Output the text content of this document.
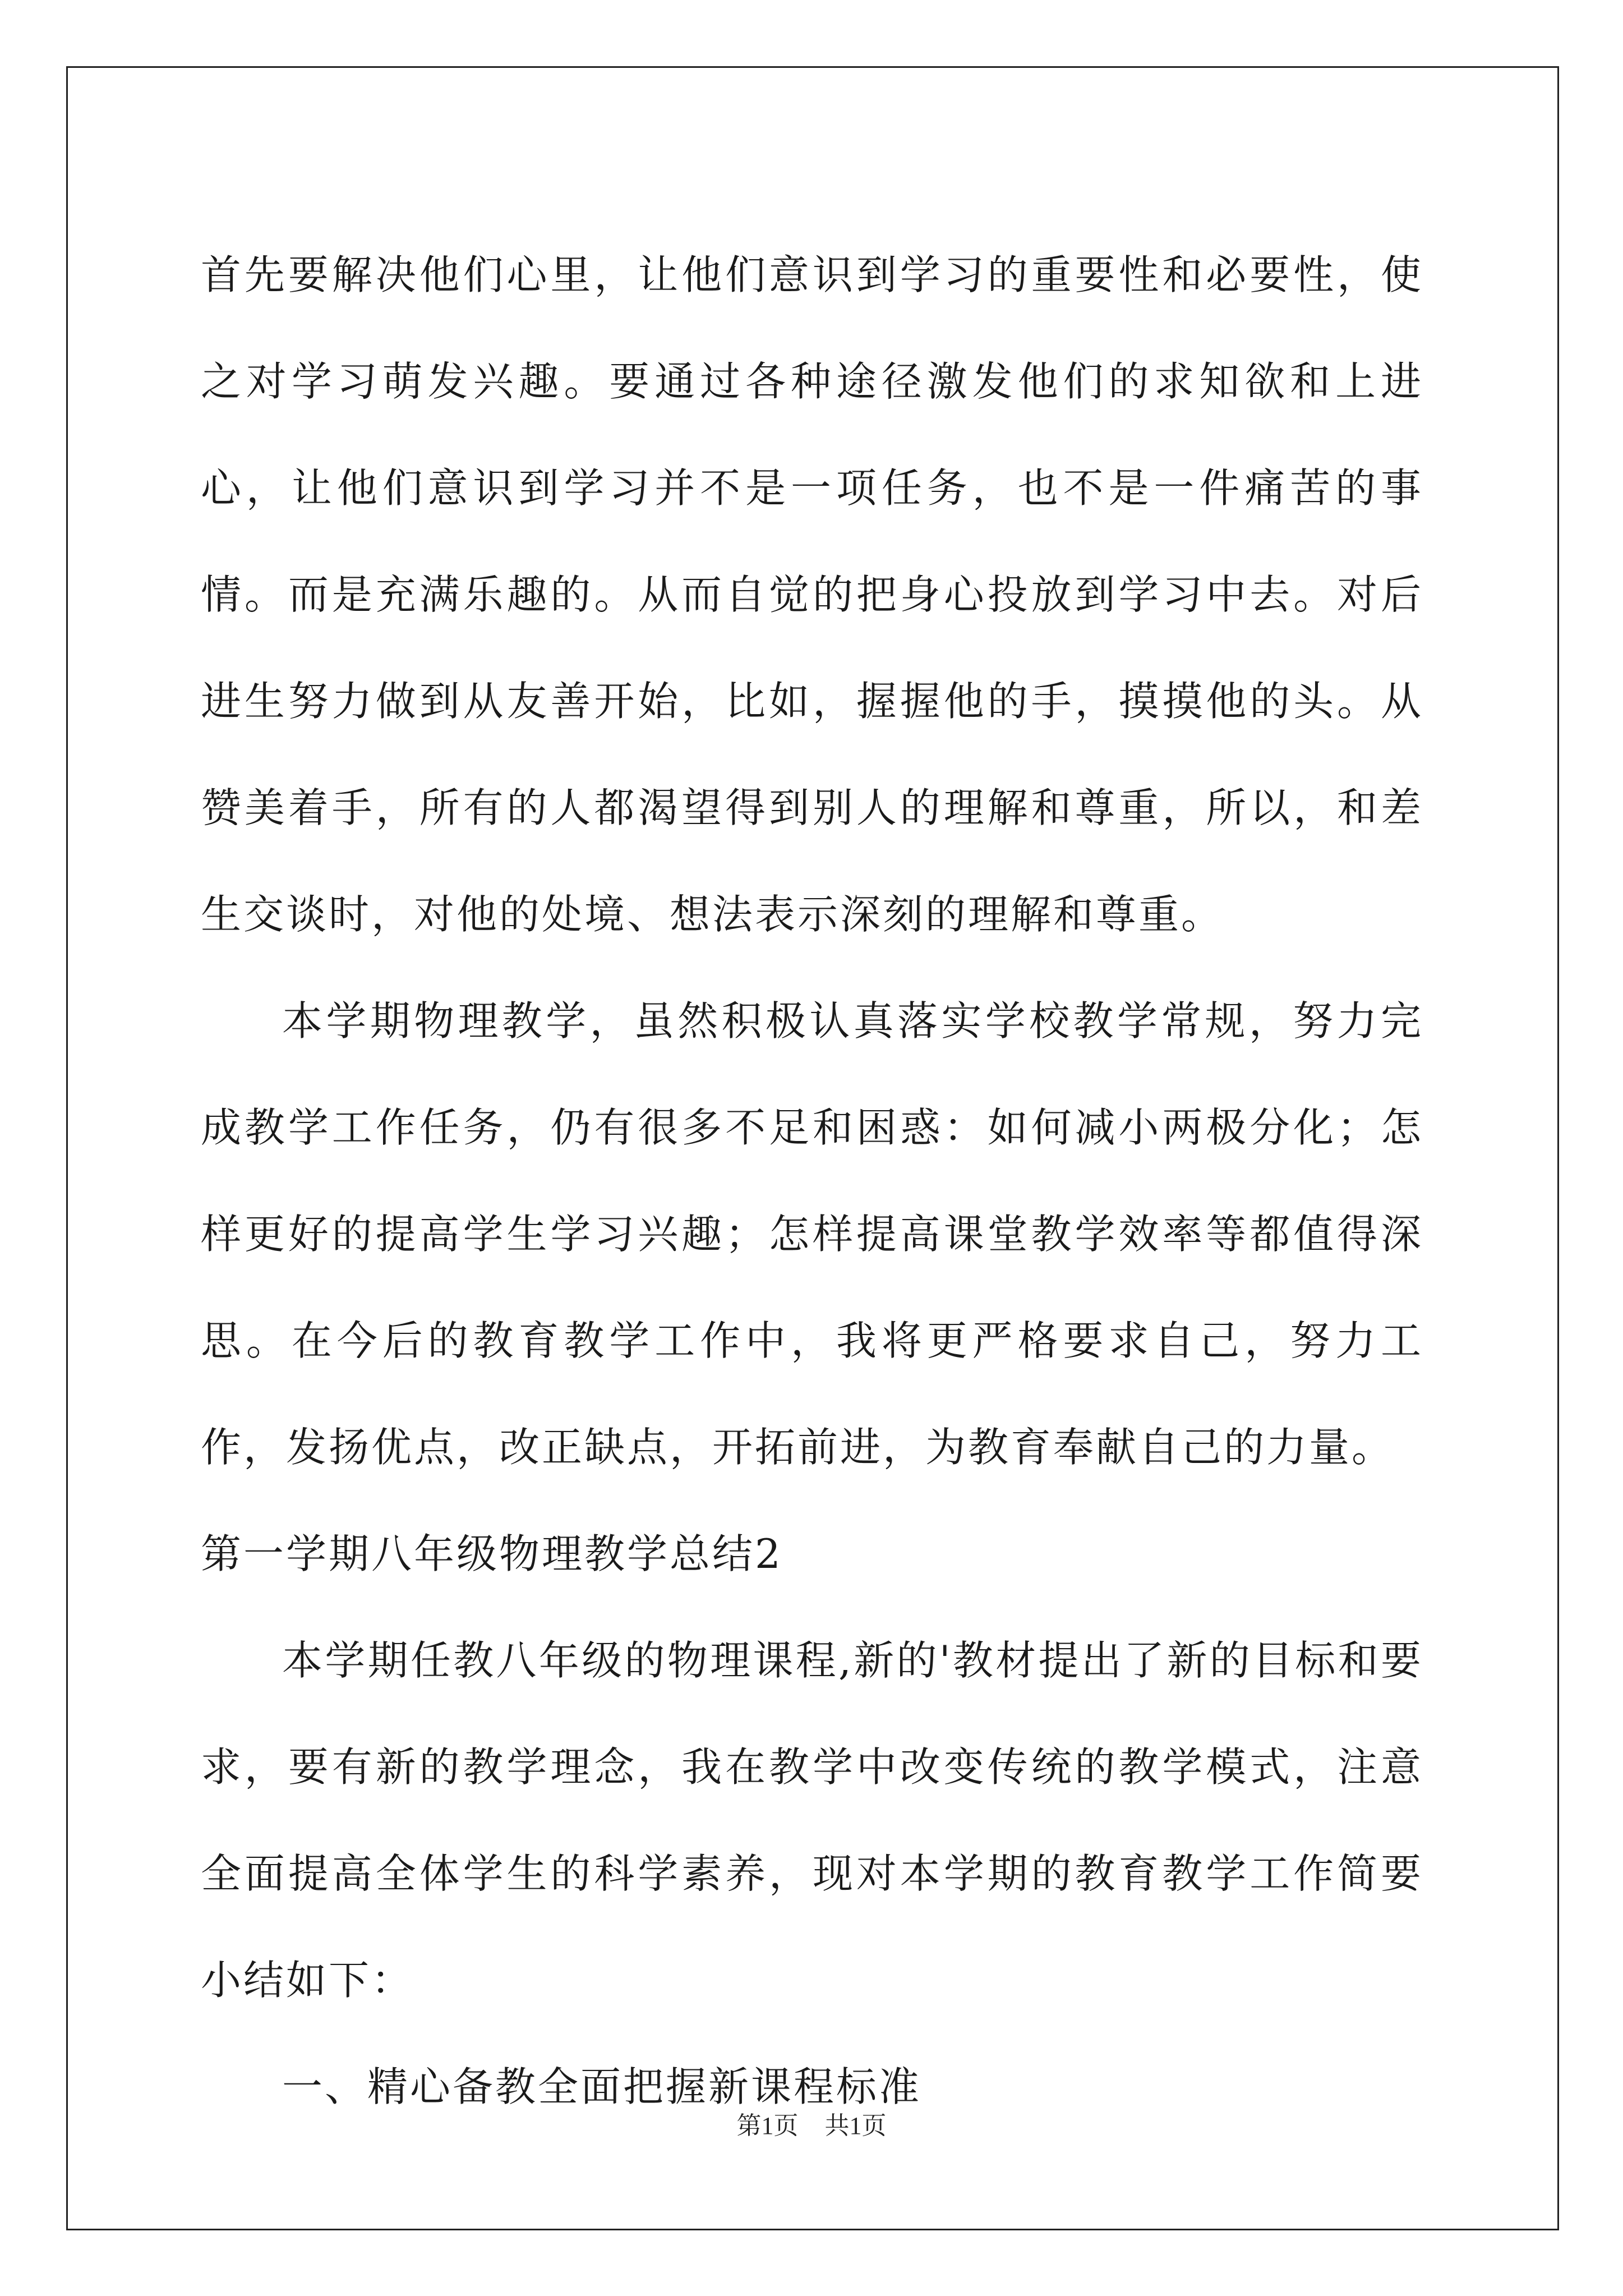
首先要解决他们心里，让他们意识到学习的重要性和必要性，使之对学习萌发兴趣。要通过各种途径激发他们的求知欲和上进心，让他们意识到学习并不是一项任务，也不是一件痛苦的事情。而是充满乐趣的。从而自觉的把身心投放到学习中去。对后进生努力做到从友善开始，比如，握握他的手，摸摸他的头。从赞美着手，所有的人都渴望得到别人的理解和尊重，所以，和差生交谈时，对他的处境、想法表示深刻的理解和尊重。

本学期物理教学，虽然积极认真落实学校教学常规，努力完成教学工作任务，仍有很多不足和困惑：如何减小两极分化；怎样更好的提高学生学习兴趣；怎样提高课堂教学效率等都值得深思。在今后的教育教学工作中，我将更严格要求自己，努力工作，发扬优点，改正缺点，开拓前进，为教育奉献自己的力量。

第一学期八年级物理教学总结2

本学期任教八年级的物理课程,新的'教材提出了新的目标和要求，要有新的教学理念，我在教学中改变传统的教学模式，注意全面提高全体学生的科学素养，现对本学期的教育教学工作简要小结如下：

一、精心备教全面把握新课程标准

第1页 共1页
